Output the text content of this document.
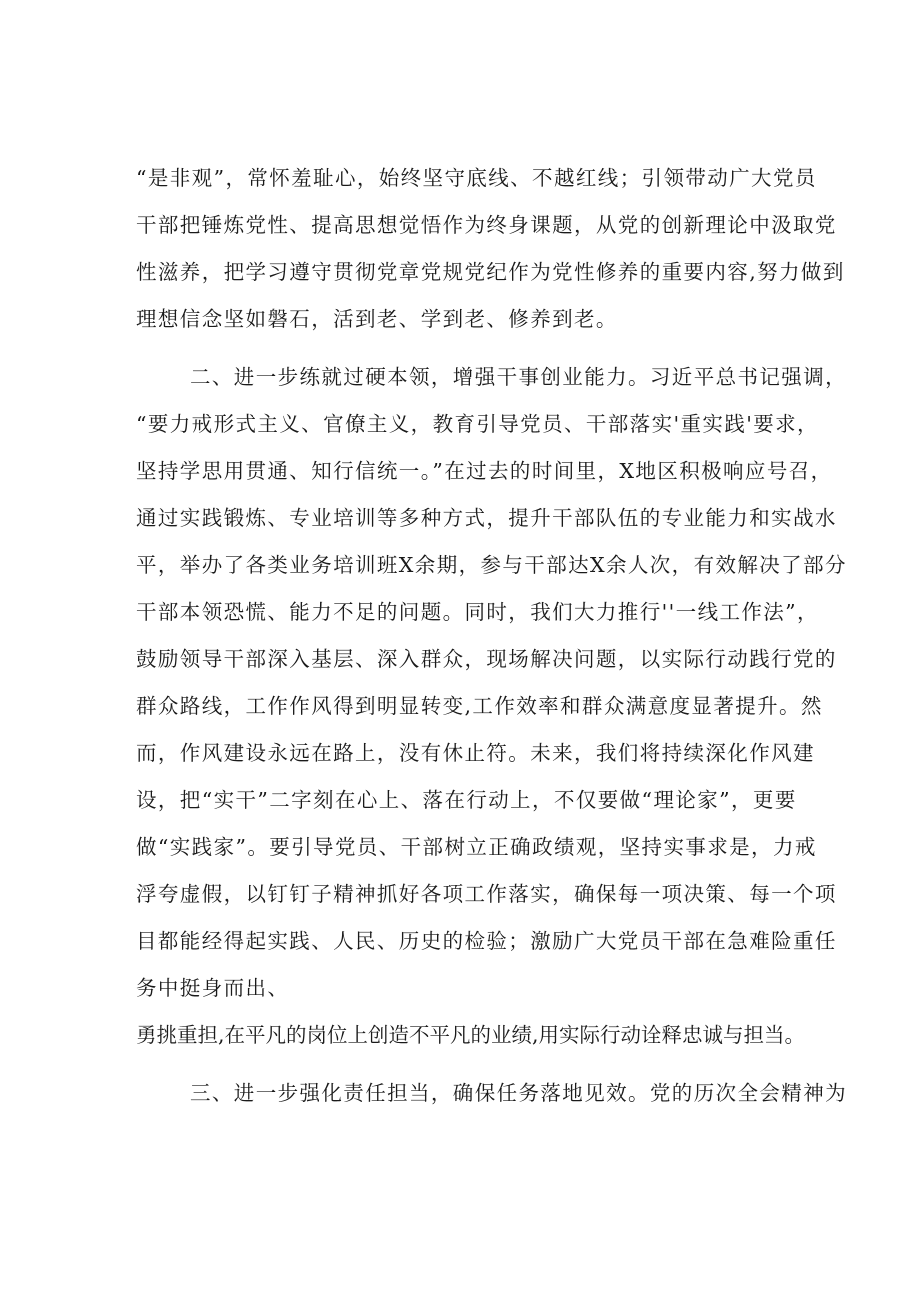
“是非观”，常怀羞耻心，始终坚守底线、不越红线；引领带动广大党员
干部把锤炼党性、提高思想觉悟作为终身课题，从党的创新理论中汲取党
性滋养，把学习遵守贯彻党章党规党纪作为党性修养的重要内容,努力做到
理想信念坚如磐石，活到老、学到老、修养到老。
二、进一步练就过硬本领，增强干事创业能力。习近平总书记强调，
“要力戒形式主义、官僚主义，教育引导党员、干部落实'重实践'要求，
坚持学思用贯通、知行信统一。”在过去的时间里，X地区积极响应号召，
通过实践锻炼、专业培训等多种方式，提升干部队伍的专业能力和实战水
平，举办了各类业务培训班X余期，参与干部达X余人次，有效解决了部分
干部本领恐慌、能力不足的问题。同时，我们大力推行''一线工作法”，
鼓励领导干部深入基层、深入群众，现场解决问题，以实际行动践行党的
群众路线，工作作风得到明显转变,工作效率和群众满意度显著提升。然
而，作风建设永远在路上，没有休止符。未来，我们将持续深化作风建
设，把“实干”二字刻在心上、落在行动上，不仅要做“理论家”，更要
做“实践家”。要引导党员、干部树立正确政绩观，坚持实事求是，力戒
浮夸虚假，以钉钉子精神抓好各项工作落实，确保每一项决策、每一个项
目都能经得起实践、人民、历史的检验；激励广大党员干部在急难险重任
务中挺身而出、
勇挑重担,在平凡的岗位上创造不平凡的业绩,用实际行动诠释忠诚与担当。
三、进一步强化责任担当，确保任务落地见效。党的历次全会精神为
